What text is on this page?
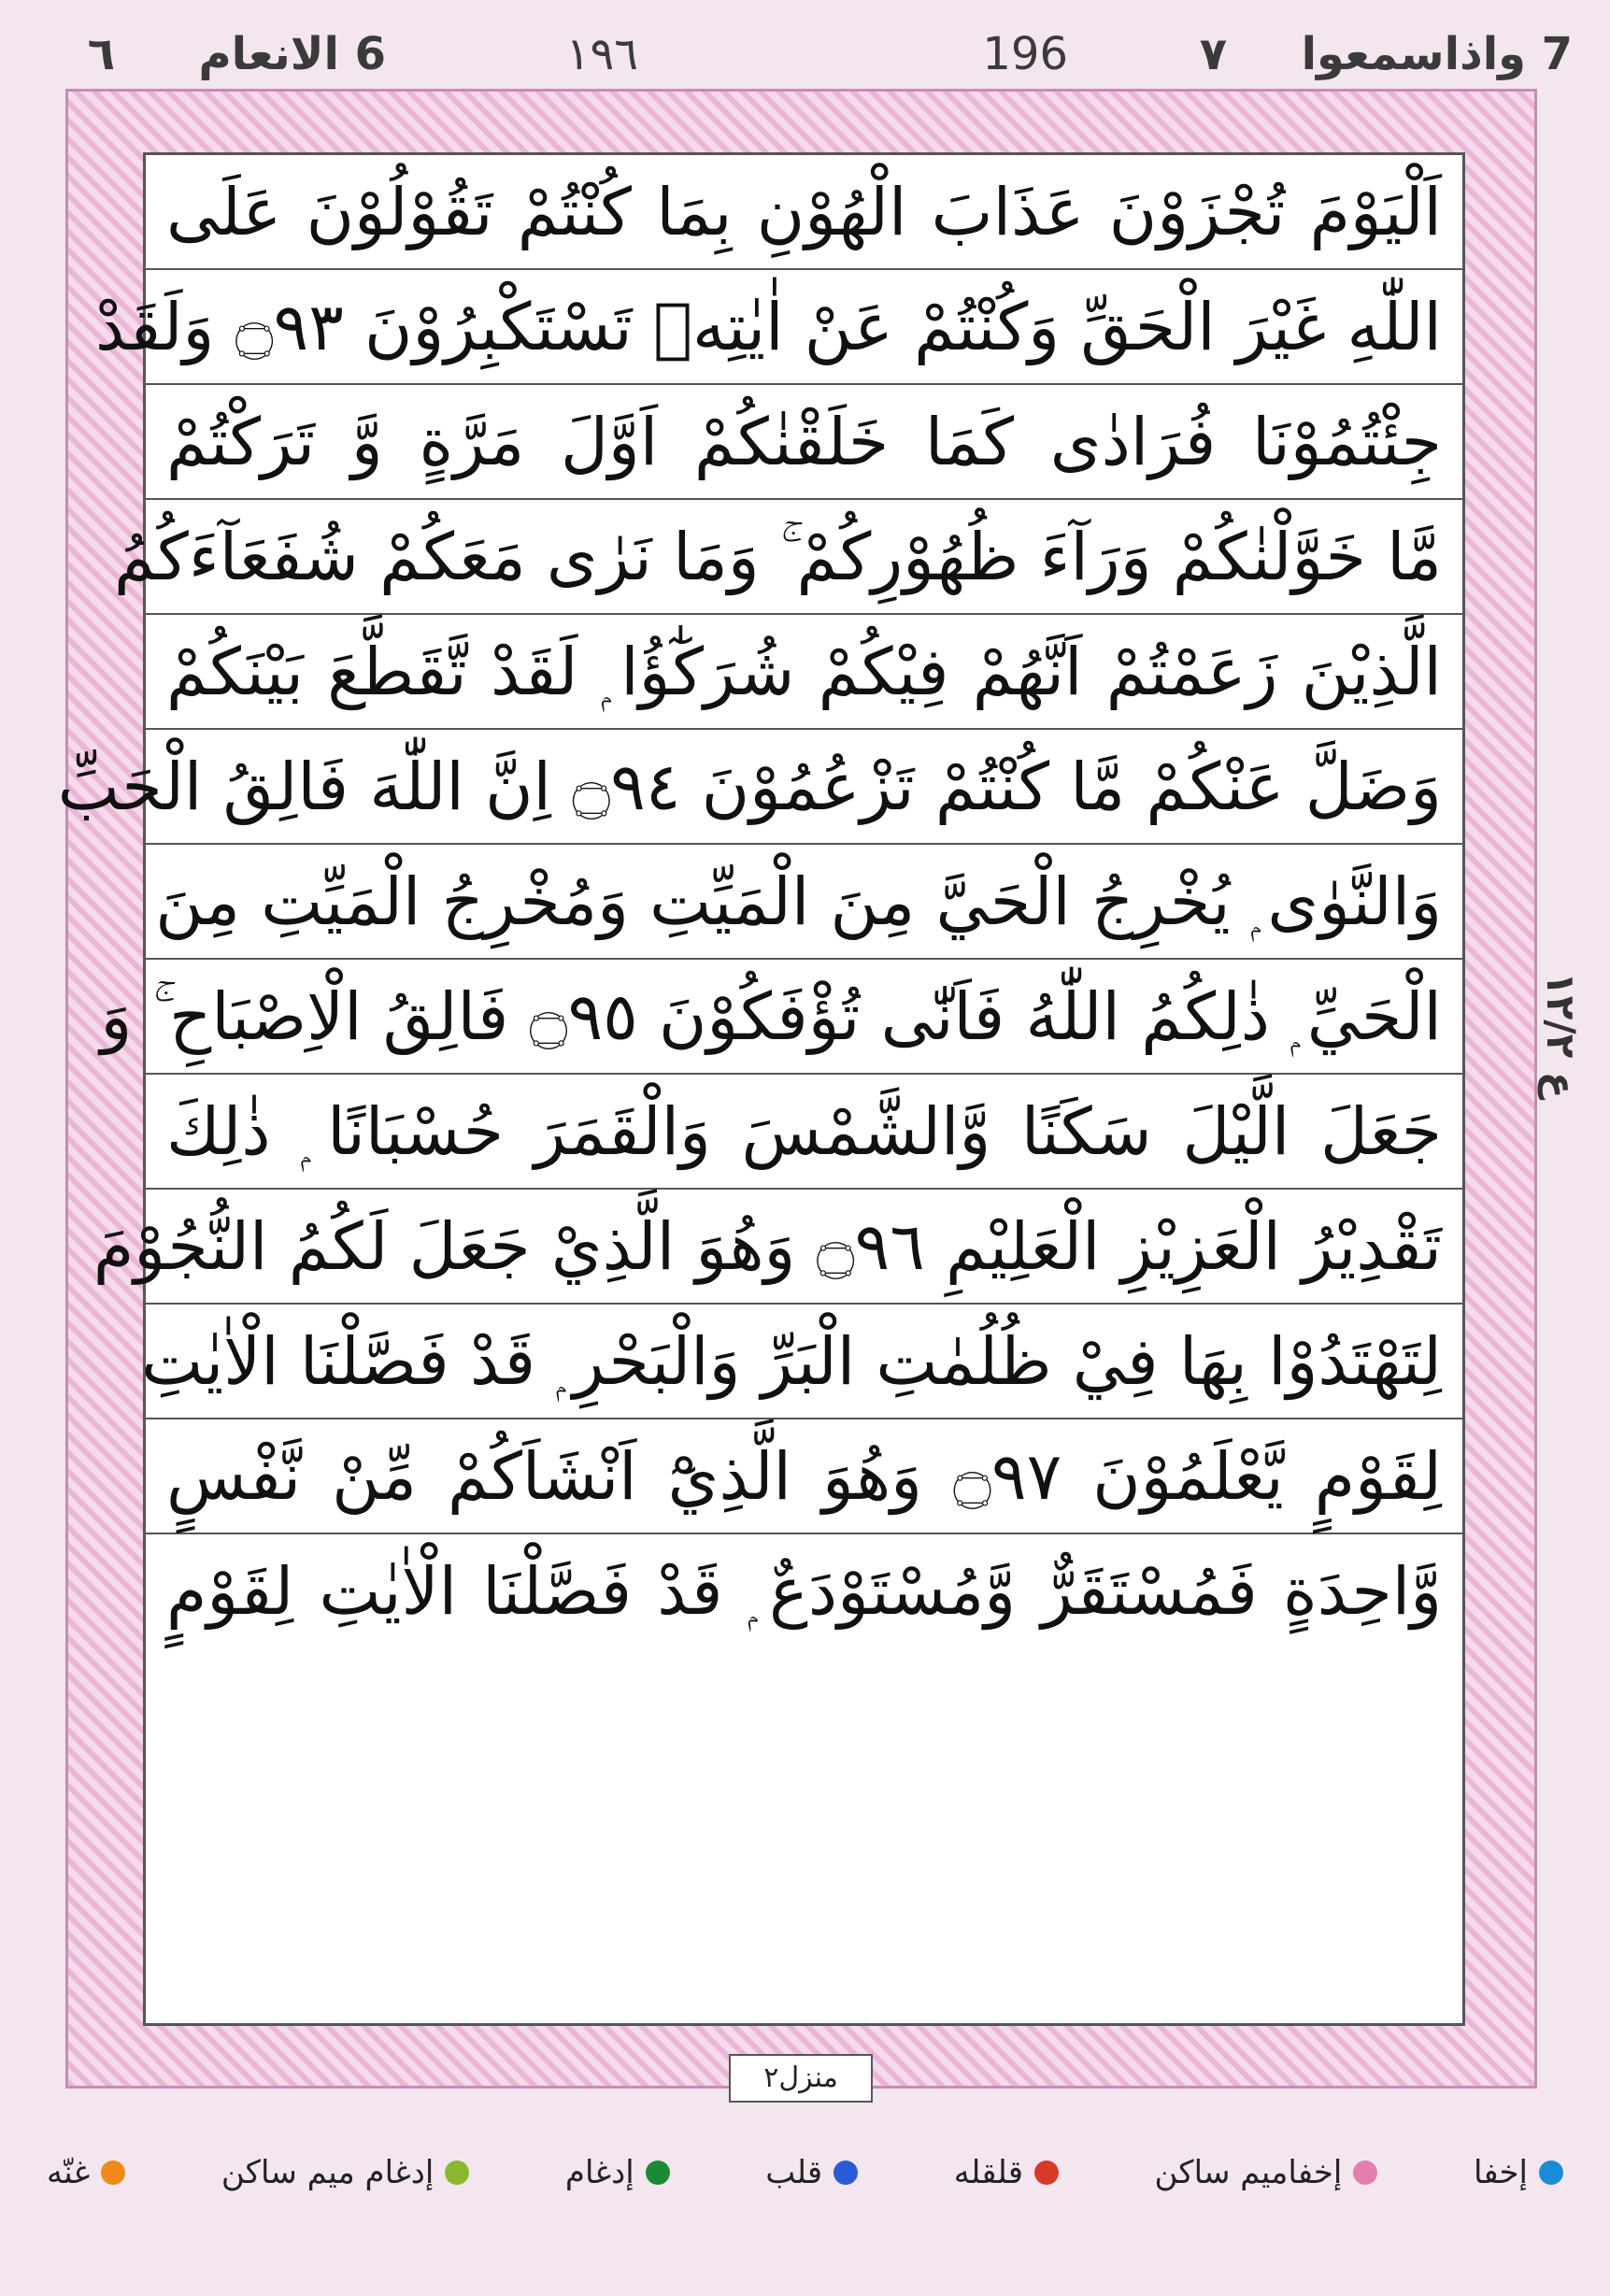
7
واذاسمعوا
٧
196
١٩٦
6
الانعام
٦
اَلْيَوْمَ تُجْزَوْنَ عَذَابَ الْهُوْنِ بِمَا كُنْتُمْ تَقُوْلُوْنَ عَلَى
اللّٰهِ غَيْرَ الْحَقِّ وَكُنْتُمْ عَنْ اٰيٰتِهٖ تَسْتَكْبِرُوْنَ ۝٩٣ وَلَقَدْ
جِئْتُمُوْنَا فُرَادٰى كَمَا خَلَقْنٰكُمْ اَوَّلَ مَرَّةٍ وَّ تَرَكْتُمْ
مَّا خَوَّلْنٰكُمْ وَرَآءَ ظُهُوْرِكُمْ ۚ وَمَا نَرٰى مَعَكُمْ شُفَعَآءَكُمُ
الَّذِيْنَ زَعَمْتُمْ اَنَّهُمْ فِيْكُمْ شُرَكٰٓؤُا ۭ لَقَدْ تَّقَطَّعَ بَيْنَكُمْ
وَضَلَّ عَنْكُمْ مَّا كُنْتُمْ تَزْعُمُوْنَ ۝٩٤ اِنَّ اللّٰهَ فَالِقُ الْحَبِّ
وَالنَّوٰى ۭ يُخْرِجُ الْحَيَّ مِنَ الْمَيِّتِ وَمُخْرِجُ الْمَيِّتِ مِنَ
الْحَيِّ ۭ ذٰلِكُمُ اللّٰهُ فَاَنّٰى تُؤْفَكُوْنَ ۝٩٥ فَالِقُ الْاِصْبَاحِ ۚ وَ
جَعَلَ الَّيْلَ سَكَنًا وَّالشَّمْسَ وَالْقَمَرَ حُسْبَانًا ۭ ذٰلِكَ
تَقْدِيْرُ الْعَزِيْزِ الْعَلِيْمِ ۝٩٦ وَهُوَ الَّذِيْ جَعَلَ لَكُمُ النُّجُوْمَ
لِتَهْتَدُوْا بِهَا فِيْ ظُلُمٰتِ الْبَرِّ وَالْبَحْرِ ۭ قَدْ فَصَّلْنَا الْاٰيٰتِ
لِقَوْمٍ يَّعْلَمُوْنَ ۝٩٧ وَهُوَ الَّذِيْٓ اَنْشَاَكُمْ مِّنْ نَّفْسٍ
وَّاحِدَةٍ فَمُسْتَقَرٌّ وَّمُسْتَوْدَعٌ ۭ قَدْ فَصَّلْنَا الْاٰيٰتِ لِقَوْمٍ
ع ١٢/٢
منزل۲
إخفا
إخفاميم ساكن
قلقله
قلب
إدغام
إدغام ميم ساكن
غنّه
